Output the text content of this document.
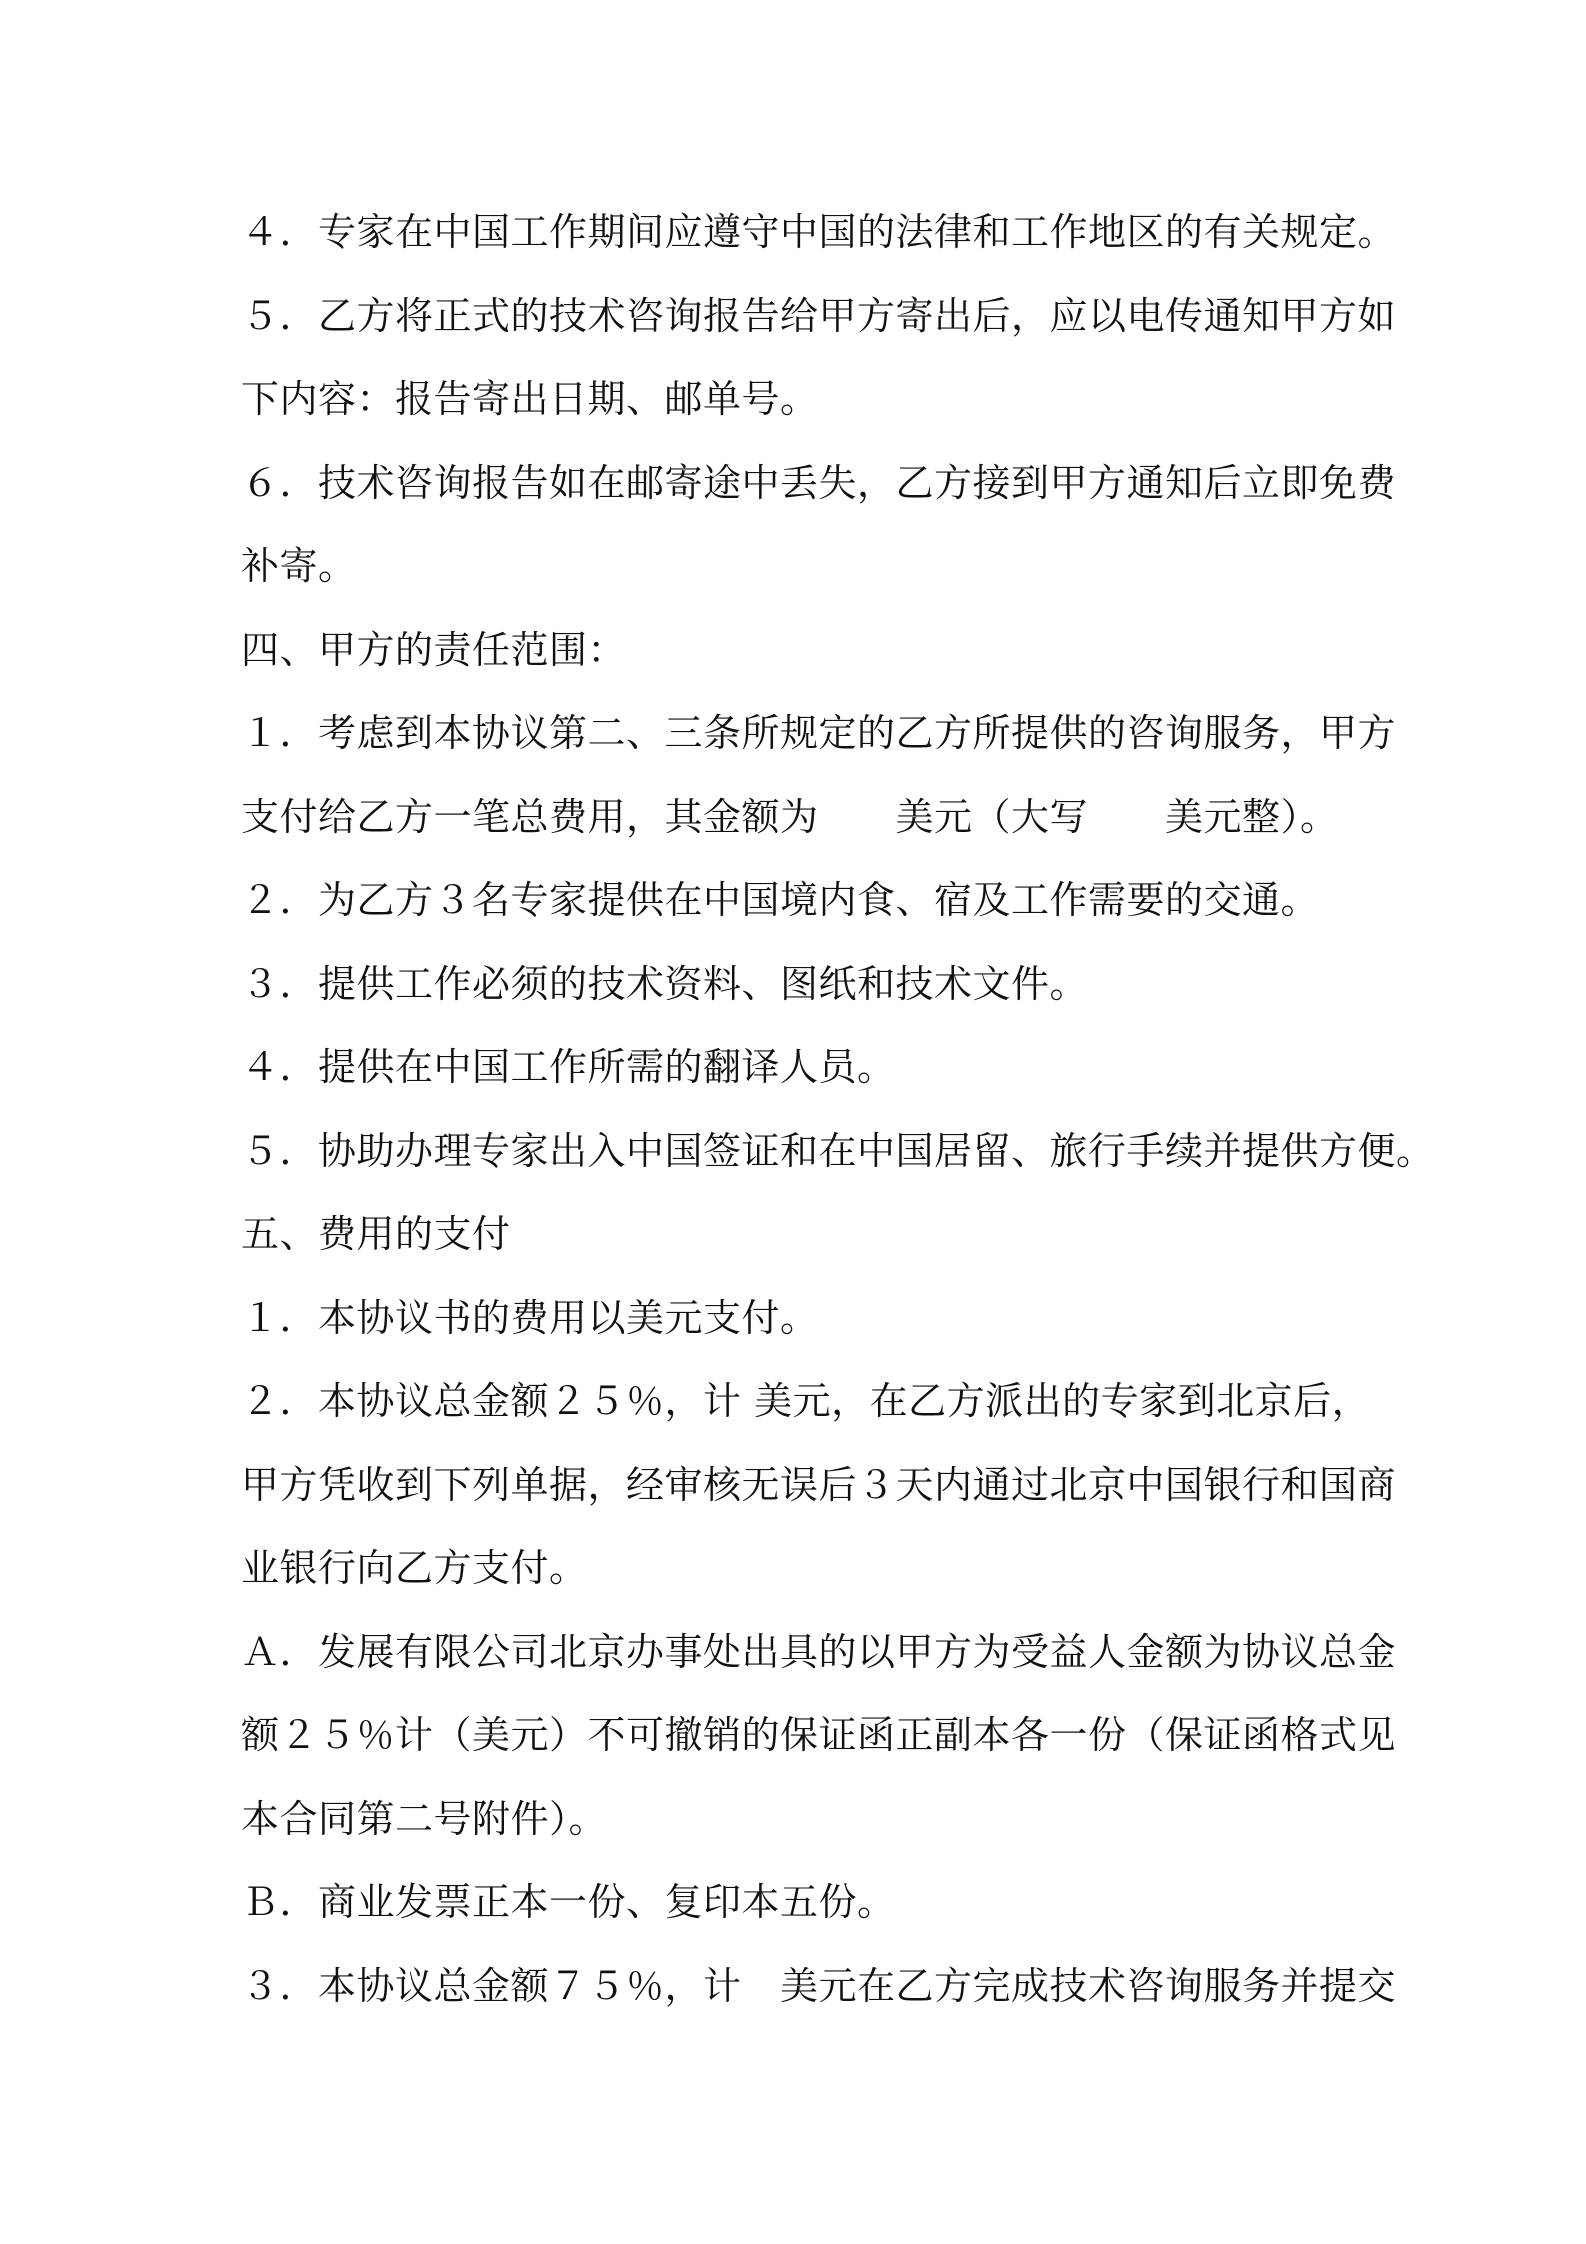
４．专家在中国工作期间应遵守中国的法律和工作地区的有关规定。
５．乙方将正式的技术咨询报告给甲方寄出后，应以电传通知甲方如
下内容：报告寄出日期、邮单号。
６．技术咨询报告如在邮寄途中丢失，乙方接到甲方通知后立即免费
补寄。
四、甲方的责任范围：
１．考虑到本协议第二、三条所规定的乙方所提供的咨询服务，甲方
支付给乙方一笔总费用，其金额为　　美元（大写　　美元整）。
２．为乙方３名专家提供在中国境内食、宿及工作需要的交通。
３．提供工作必须的技术资料、图纸和技术文件。
４．提供在中国工作所需的翻译人员。
５．协助办理专家出入中国签证和在中国居留、旅行手续并提供方便。
五、费用的支付
１．本协议书的费用以美元支付。
２．本协议总金额２５％，计 美元，在乙方派出的专家到北京后，
甲方凭收到下列单据，经审核无误后３天内通过北京中国银行和国商
业银行向乙方支付。
Ａ．发展有限公司北京办事处出具的以甲方为受益人金额为协议总金
额２５％计（美元）不可撤销的保证函正副本各一份（保证函格式见
本合同第二号附件）。
Ｂ．商业发票正本一份、复印本五份。
３．本协议总金额７５％，计　美元在乙方完成技术咨询服务并提交
